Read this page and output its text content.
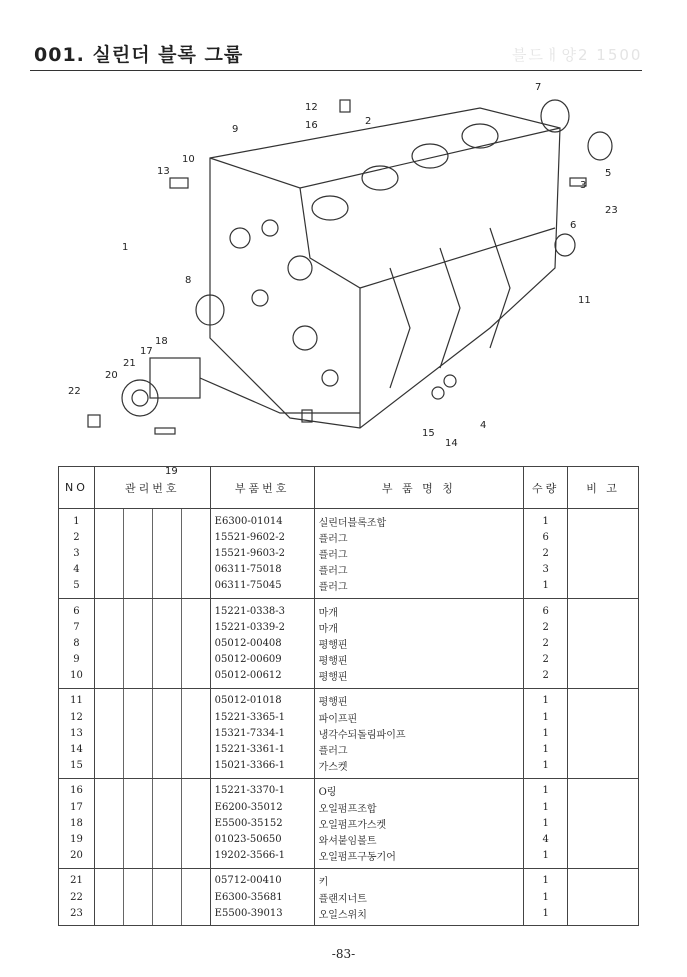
001. 실린더 블록 그룹	블드ㅐ양2 1500
1
2
3
4
5
6
7
8
9
10
11
12
13
14
15
16
17
18
19
20
21
22
23
NO	관리번호	부품번호	부 품 명 칭	수량	비 고
1		E6300-01014	실린더블록조합	1	
2		15521-9602-2	플러그	6	
3		15521-9603-2	플러그	2	
4		06311-75018	플러그	3	
5		06311-75045	플러그	1	
6		15221-0338-3	마개	6	
7		15221-0339-2	마개	2	
8		05012-00408	평행핀	2	
9		05012-00609	평행핀	2	
10		05012-00612	평행핀	2	
11		05012-01018	평행핀	1	
12		15221-3365-1	파이프핀	1	
13		15321-7334-1	냉각수되돌림파이프	1	
14		15221-3361-1	플러그	1	
15		15021-3366-1	가스켓	1	
16		15221-3370-1	O링	1	
17		E6200-35012	오일펌프조합	1	
18		E5500-35152	오일펌프가스켓	1	
19		01023-50650	와셔붙임볼트	4	
20		19202-3566-1	오일펌프구동기어	1	
21		05712-00410	키	1	
22		E6300-35681	플랜지너트	1	
23		E5500-39013	오일스위치	1	
-83-
